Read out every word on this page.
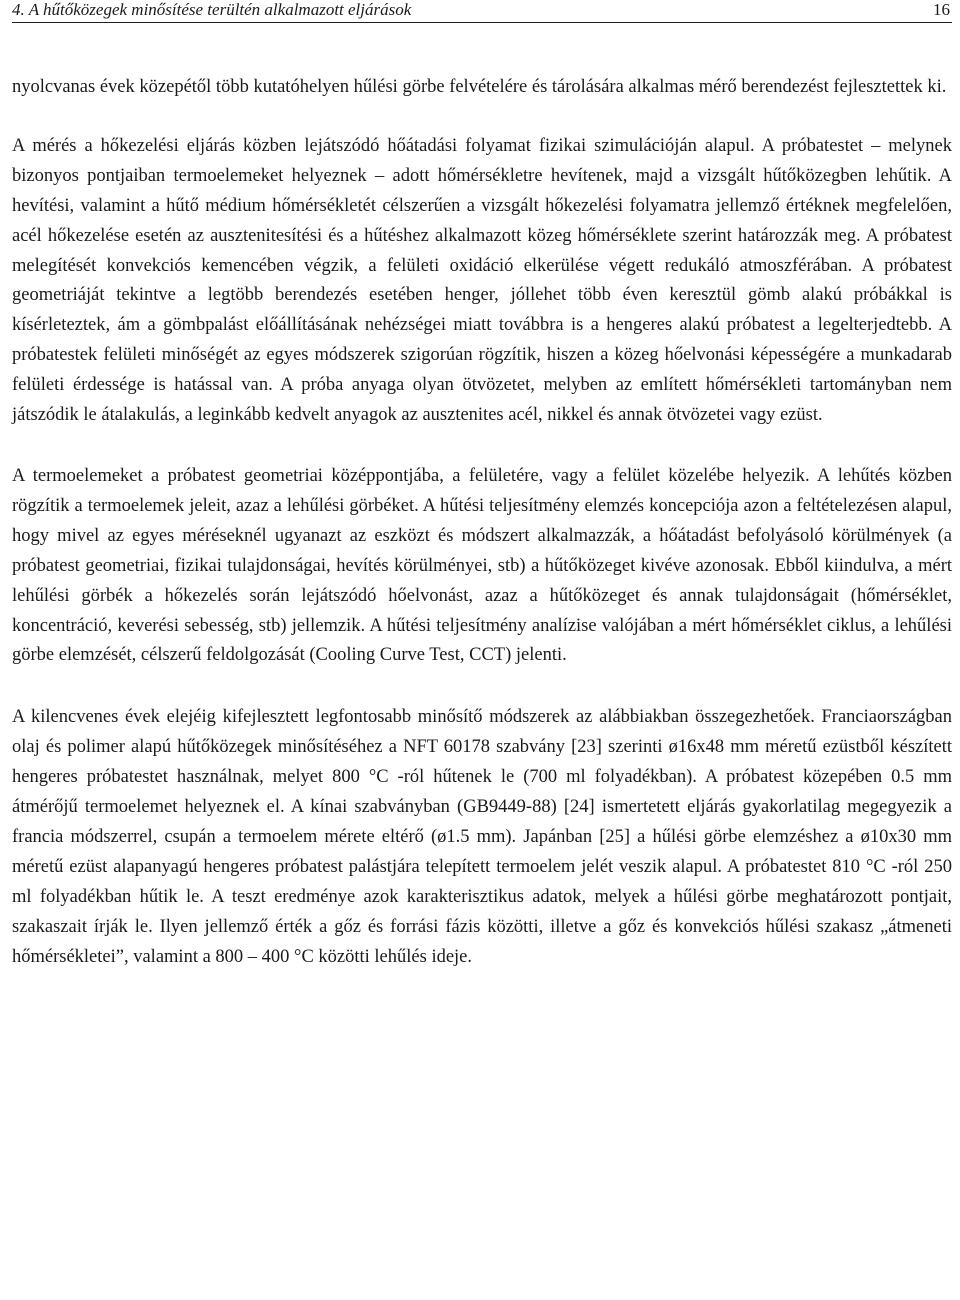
4. A hűtőközegek minősítése terültén alkalmazott eljárások	16

nyolcvanas évek közepétől több kutatóhelyen hűlési görbe felvételére és tárolására alkalmas mérő berendezést fejlesztettek ki.

A mérés a hőkezelési eljárás közben lejátszódó hőátadási folyamat fizikai szimulációján alapul. A próbatestet – melynek bizonyos pontjaiban termoelemeket helyeznek – adott hőmérsékletre hevítenek, majd a vizsgált hűtőközegben lehűtik. A hevítési, valamint a hűtő médium hőmérsékletét célszerűen a vizsgált hőkezelési folyamatra jellemző értéknek megfelelően, acél hőkezelése esetén az ausztenitesítési és a hűtéshez alkalmazott közeg hőmérséklete szerint határozzák meg. A próbatest melegítését konvekciós kemencében végzik, a felületi oxidáció elkerülése végett redukáló atmoszférában. A próbatest geometriáját tekintve a legtöbb berendezés esetében henger, jóllehet több éven keresztül gömb alakú próbákkal is kísérleteztek, ám a gömbpalást előállításának nehézségei miatt továbbra is a hengeres alakú próbatest a legelterjedtebb. A próbatestek felületi minőségét az egyes módszerek szigorúan rögzítik, hiszen a közeg hőelvonási képességére a munkadarab felületi érdessége is hatással van. A próba anyaga olyan ötvözetet, melyben az említett hőmérsékleti tartományban nem játszódik le átalakulás, a leginkább kedvelt anyagok az ausztenites acél, nikkel és annak ötvözetei vagy ezüst.

A termoelemeket a próbatest geometriai középpontjába, a felületére, vagy a felület közelébe helyezik. A lehűtés közben rögzítik a termoelemek jeleit, azaz a lehűlési görbéket. A hűtési teljesítmény elemzés koncepciója azon a feltételezésen alapul, hogy mivel az egyes méréseknél ugyanazt az eszközt és módszert alkalmazzák, a hőátadást befolyásoló körülmények (a próbatest geometriai, fizikai tulajdonságai, hevítés körülményei, stb) a hűtőközeget kivéve azonosak. Ebből kiindulva, a mért lehűlési görbék a hőkezelés során lejátszódó hőelvonást, azaz a hűtőközeget és annak tulajdonságait (hőmérséklet, koncentráció, keverési sebesség, stb) jellemzik. A hűtési teljesítmény analízise valójában a mért hőmérséklet ciklus, a lehűlési görbe elemzését, célszerű feldolgozását (Cooling Curve Test, CCT) jelenti.

A kilencvenes évek elejéig kifejlesztett legfontosabb minősítő módszerek az alábbiakban összegezhetőek. Franciaországban olaj és polimer alapú hűtőközegek minősítéséhez a NFT 60178 szabvány [23] szerinti ø16x48 mm méretű ezüstből készített hengeres próbatestet használnak, melyet 800 °C -ról hűtenek le (700 ml folyadékban). A próbatest közepében 0.5 mm átmérőjű termoelemet helyeznek el. A kínai szabványban (GB9449-88) [24] ismertetett eljárás gyakorlatilag megegyezik a francia módszerrel, csupán a termoelem mérete eltérő (ø1.5 mm). Japánban [25] a hűlési görbe elemzéshez a ø10x30 mm méretű ezüst alapanyagú hengeres próbatest palástjára telepített termoelem jelét veszik alapul. A próbatestet 810 °C -ról 250 ml folyadékban hűtik le. A teszt eredménye azok karakterisztikus adatok, melyek a hűlési görbe meghatározott pontjait, szakaszait írják le. Ilyen jellemző érték a gőz és forrási fázis közötti, illetve a gőz és konvekciós hűlési szakasz „átmeneti hőmérsékletei”, valamint a 800 – 400 °C közötti lehűlés ideje.
